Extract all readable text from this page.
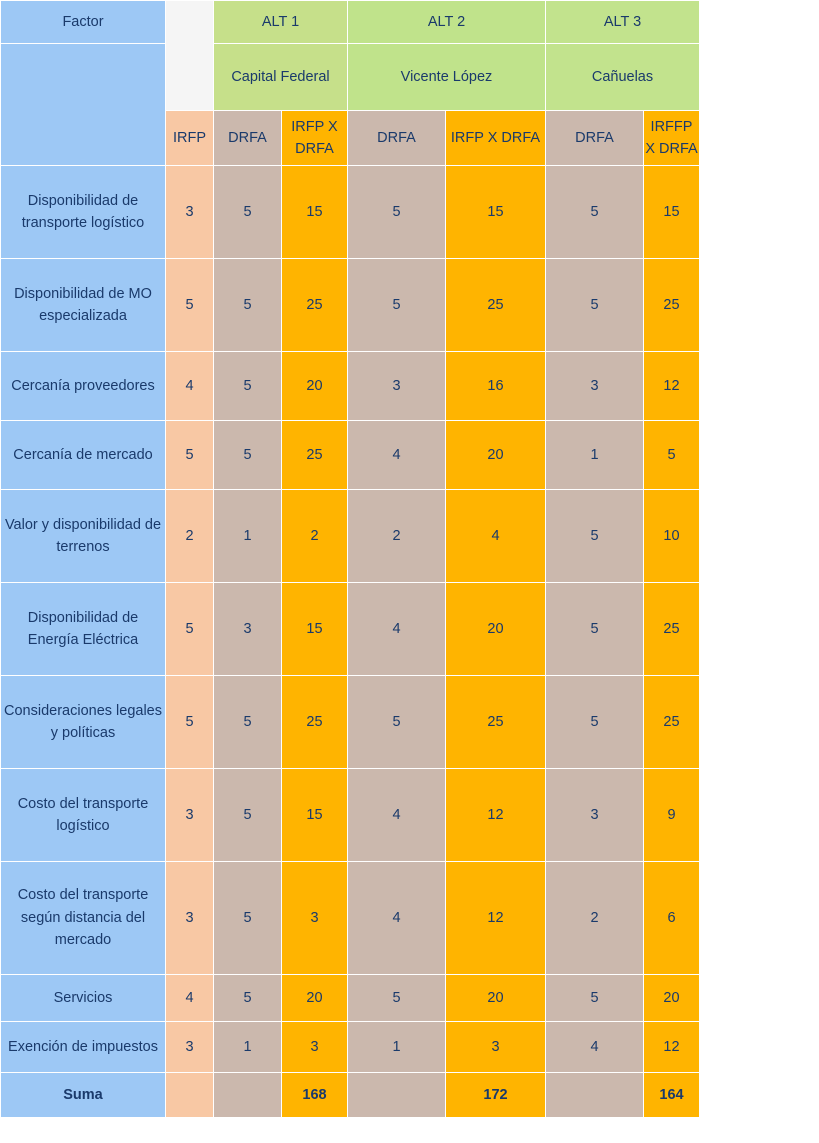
Factor		ALT 1		ALT 2		ALT 3	
		Capital Federal		Vicente López		Cañuelas	
	IRFP	DRFA	IRFP X DRFA	DRFA	IRFP X DRFA	DRFA	IRFFP X DRFA
Disponibilidad de transporte logístico	3	5	15	5	15	5	15
Disponibilidad de MO especializada	5	5	25	5	25	5	25
Cercanía proveedores	4	5	20	3	16	3	12
Cercanía de mercado	5	5	25	4	20	1	5
Valor y disponibilidad de terrenos	2	1	2	2	4	5	10
Disponibilidad de Energía Eléctrica	5	3	15	4	20	5	25
Consideraciones legales y políticas	5	5	25	5	25	5	25
Costo del transporte logístico	3	5	15	4	12	3	9
Costo del transporte según distancia del mercado	3	5	3	4	12	2	6
Servicios	4	5	20	5	20	5	20
Exención de impuestos	3	1	3	1	3	4	12
Suma			168		172		164
